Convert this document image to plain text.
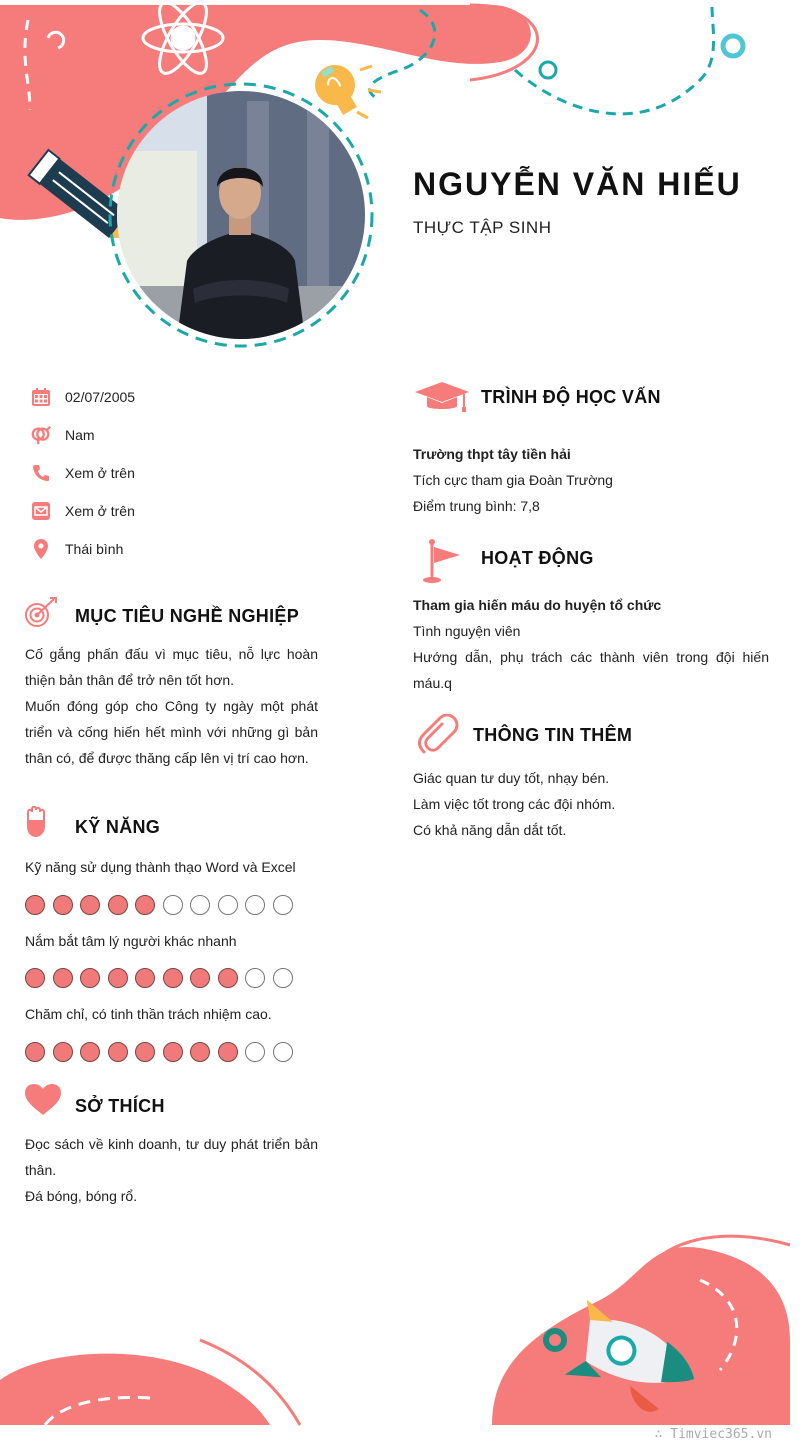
NGUYỄN VĂN HIẾU
THỰC TẬP SINH
02/07/2005
Nam
Xem ở trên
Xem ở trên
Thái bình
MỤC TIÊU NGHỀ NGHIỆP

Cố gắng phấn đấu vì mục tiêu, nỗ lực hoàn thiện bản thân để trở nên tốt hơn.

Muốn đóng góp cho Công ty ngày một phát triển và cống hiến hết mình với những gì bản thân có, để được thăng cấp lên vị trí cao hơn.

KỸ NĂNG
Kỹ năng sử dụng thành thạo Word và Excel
Nắm bắt tâm lý người khác nhanh
Chăm chỉ, có tinh thần trách nhiệm cao.
SỞ THÍCH

Đọc sách về kinh doanh, tư duy phát triển bản thân.

Đá bóng, bóng rổ.

TRÌNH ĐỘ HỌC VẤN

Trường thpt tây tiền hải

Tích cực tham gia Đoàn Trường

Điểm trung bình: 7,8

HOẠT ĐỘNG

Tham gia hiến máu do huyện tổ chức

Tình nguyện viên

Hướng dẫn, phụ trách các thành viên trong đội hiến máu.q

THÔNG TIN THÊM

Giác quan tư duy tốt, nhạy bén.

Làm việc tốt trong các đội nhóm.

Có khả năng dẫn dắt tốt.

∴ Timviec365.vn
